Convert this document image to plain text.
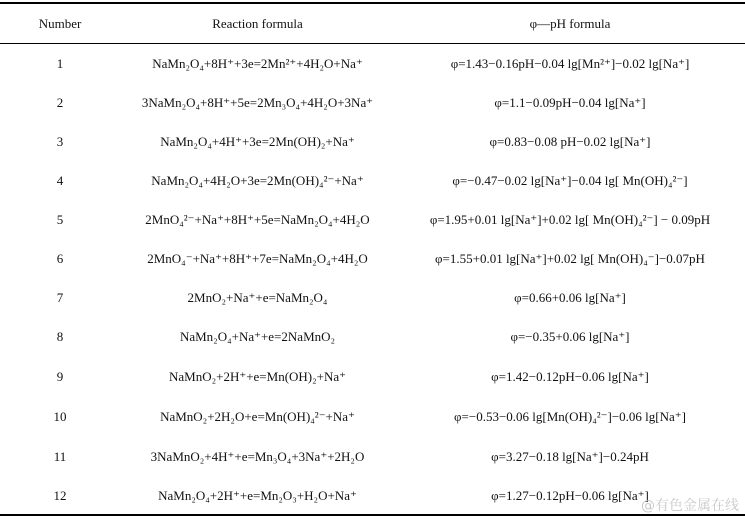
Number	Reaction formula	φ—pH formula
1	NaMn₂O₄+8H⁺+3e=2Mn²⁺+4H₂O+Na⁺	φ=1.43−0.16pH−0.04 lg[Mn²⁺]−0.02 lg[Na⁺]
2	3NaMn₂O₄+8H⁺+5e=2Mn₃O₄+4H₂O+3Na⁺	φ=1.1−0.09pH−0.04 lg[Na⁺]
3	NaMn₂O₄+4H⁺+3e=2Mn(OH)₂+Na⁺	φ=0.83−0.08 pH−0.02 lg[Na⁺]
4	NaMn₂O₄+4H₂O+3e=2Mn(OH)₄²⁻+Na⁺	φ=−0.47−0.02 lg[Na⁺]−0.04 lg[ Mn(OH)₄²⁻]
5	2MnO₄²⁻+Na⁺+8H⁺+5e=NaMn₂O₄+4H₂O	φ=1.95+0.01 lg[Na⁺]+0.02 lg[ Mn(OH)₄²⁻] − 0.09pH
6	2MnO₄⁻+Na⁺+8H⁺+7e=NaMn₂O₄+4H₂O	φ=1.55+0.01 lg[Na⁺]+0.02 lg[ Mn(OH)₄⁻]−0.07pH
7	2MnO₂+Na⁺+e=NaMn₂O₄	φ=0.66+0.06 lg[Na⁺]
8	NaMn₂O₄+Na⁺+e=2NaMnO₂	φ=−0.35+0.06 lg[Na⁺]
9	NaMnO₂+2H⁺+e=Mn(OH)₂+Na⁺	φ=1.42−0.12pH−0.06 lg[Na⁺]
10	NaMnO₂+2H₂O+e=Mn(OH)₄²⁻+Na⁺	φ=−0.53−0.06 lg[Mn(OH)₄²⁻]−0.06 lg[Na⁺]
11	3NaMnO₂+4H⁺+e=Mn₃O₄+3Na⁺+2H₂O	φ=3.27−0.18 lg[Na⁺]−0.24pH
12	NaMn₂O₄+2H⁺+e=Mn₂O₃+H₂O+Na⁺	φ=1.27−0.12pH−0.06 lg[Na⁺]
@有色金属在线
